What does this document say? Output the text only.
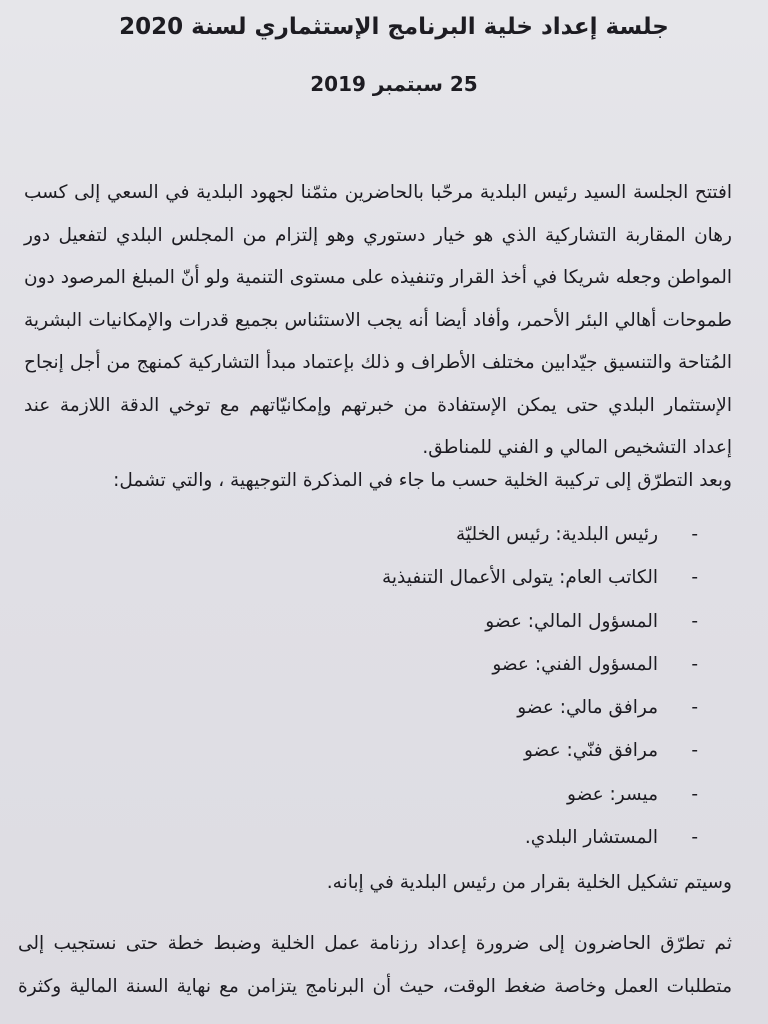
جلسة إعداد خلية البرنامج الإستثماري لسنة 2020
25 سبتمبر 2019

افتتح الجلسة السيد رئيس البلدية مرحّبا بالحاضرين مثمّنا لجهود البلدية في السعي إلى كسب رهان المقاربة التشاركية الذي هو خيار دستوري وهو إلتزام من المجلس البلدي لتفعيل دور المواطن وجعله شريكا في أخذ القرار وتنفيذه على مستوى التنمية ولو أنّ المبلغ المرصود دون طموحات أهالي البئر الأحمر، وأفاد أيضا أنه يجب الاستئناس بجميع قدرات والإمكانيات البشرية المُتاحة والتنسيق جيّدابين مختلف الأطراف و ذلك بإعتماد مبدأ التشاركية كمنهج من أجل إنجاح الإستثمار البلدي حتى يمكن الإستفادة من خبرتهم وإمكانيّاتهم مع توخي الدقة اللازمة عند إعداد التشخيص المالي و الفني للمناطق.

وبعد التطرّق إلى تركيبة الخلية حسب ما جاء في المذكرة التوجيهية ، والتي تشمل:

-
رئيس البلدية: رئيس الخليّة
-
الكاتب العام: يتولى الأعمال التنفيذية
-
المسؤول المالي: عضو
-
المسؤول الفني: عضو
-
مرافق مالي: عضو
-
مرافق فنّي: عضو
-
ميسر: عضو
-
المستشار البلدي.

وسيتم تشكيل الخلية بقرار من رئيس البلدية في إبانه.

ثم تطرّق الحاضرون إلى ضرورة إعداد رزنامة عمل الخلية وضبط خطة حتى نستجيب إلى متطلبات العمل وخاصة ضغط الوقت، حيث أن البرنامج يتزامن مع نهاية السنة المالية وكثرة
